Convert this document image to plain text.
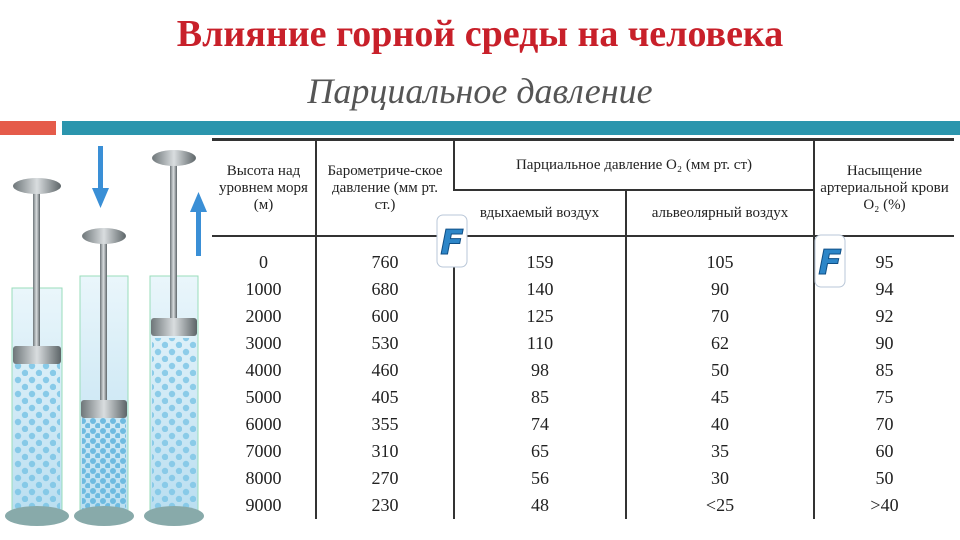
Влияние горной среды на человека
Парциальное давление
Высота над уровнем моря (м)	Барометриче-ское давление (мм рт. ст.)	Парциальное давление O₂ (мм рт. ст)		Насыщение артериальной крови O₂ (%)
		вдыхаемый воздух	альвеолярный воздух	
0	760	159	105	95
1000	680	140	90	94
2000	600	125	70	92
3000	530	110	62	90
4000	460	98	50	85
5000	405	85	45	75
6000	355	74	40	70
7000	310	65	35	60
8000	270	56	30	50
9000	230	48	<25	>40
F	F
